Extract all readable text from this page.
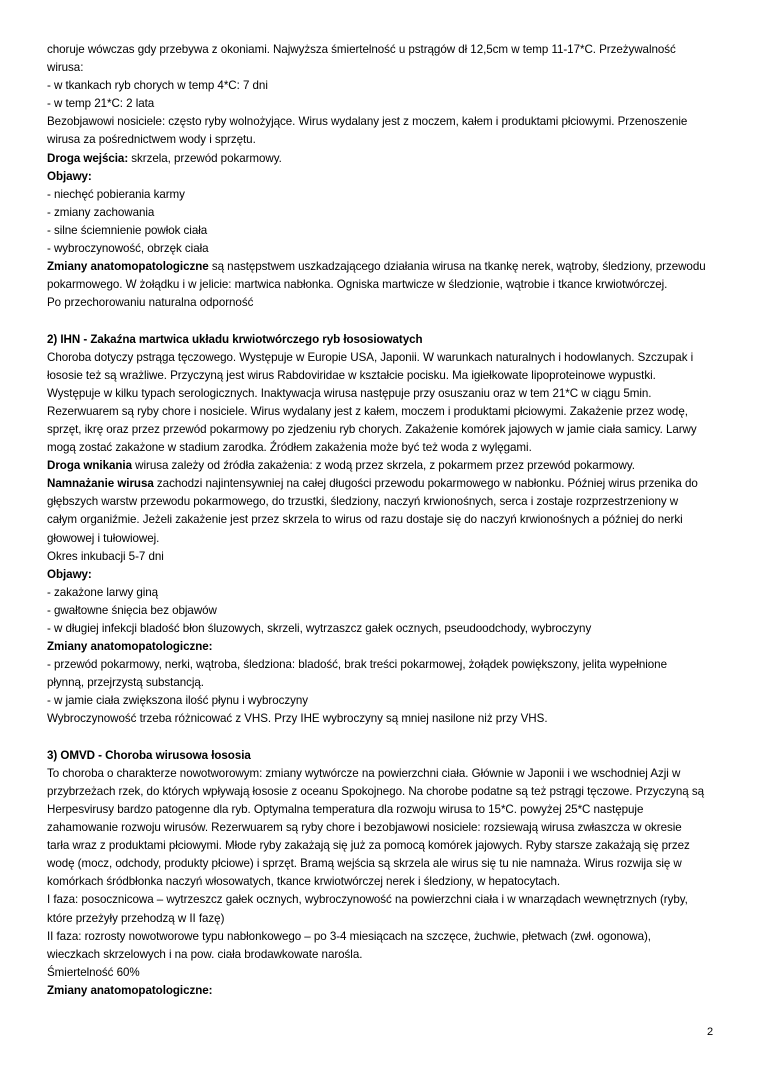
choruje wówczas gdy przebywa z okoniami. Najwyższa śmiertelność u pstrągów dł 12,5cm w temp 11-17*C. Przeżywalność
wirusa:
- w tkankach ryb chorych w temp 4*C: 7 dni
- w temp 21*C: 2 lata
Bezobjawowi nosiciele: często ryby wolnożyjące. Wirus wydalany jest z moczem, kałem i produktami płciowymi. Przenoszenie
wirusa za pośrednictwem wody i sprzętu.
Droga wejścia: skrzela, przewód pokarmowy.
Objawy:
- niechęć pobierania karmy
- zmiany zachowania
- silne ściemnienie powłok ciała
- wybroczynowość, obrzęk ciała
Zmiany anatomopatologiczne są następstwem uszkadzającego działania wirusa na tkankę nerek, wątroby, śledziony, przewodu
pokarmowego. W żołądku i w jelicie: martwica nabłonka. Ogniska martwicze w śledzionie, wątrobie i tkance krwiotwórczej.
Po przechorowaniu naturalna odporność
2) IHN - Zakaźna martwica układu krwiotwórczego ryb łososiowatych
Choroba dotyczy pstrąga tęczowego. Występuje w Europie USA, Japonii. W warunkach naturalnych i hodowlanych. Szczupak i
łososie też są wrażliwe. Przyczyną jest wirus Rabdoviridae w kształcie pocisku. Ma igiełkowate lipoproteinowe wypustki.
Występuje w kilku typach serologicznych. Inaktywacja wirusa następuje przy osuszaniu oraz w tem 21*C w ciągu 5min.
Rezerwuarem są ryby chore i nosiciele. Wirus wydalany jest z kałem, moczem i produktami płciowymi. Zakażenie przez wodę,
sprzęt, ikrę oraz przez przewód pokarmowy po zjedzeniu ryb chorych. Zakażenie komórek jajowych w jamie ciała samicy. Larwy
mogą zostać zakażone w stadium zarodka. Źródłem zakażenia może być też woda z wylęgami.
Droga wnikania wirusa zależy od źródła zakażenia: z wodą przez skrzela, z pokarmem przez przewód pokarmowy.
Namnażanie wirusa zachodzi najintensywniej na całej długości przewodu pokarmowego w nabłonku. Później wirus przenika do
głębszych warstw przewodu pokarmowego, do trzustki, śledziony, naczyń krwionośnych, serca i zostaje rozprzestrzeniony w
całym organiźmie. Jeżeli zakażenie jest przez skrzela to wirus od razu dostaje się do naczyń krwionośnych a później do nerki
głowowej i tułowiowej.
Okres inkubacji 5-7 dni
Objawy:
- zakażone larwy giną
- gwałtowne śnięcia bez objawów
- w długiej infekcji bladość błon śluzowych, skrzeli, wytrzaszcz gałek ocznych, pseudoodchody, wybroczyny
Zmiany anatomopatologiczne:
- przewód pokarmowy, nerki, wątroba, śledziona: bladość, brak treści pokarmowej, żołądek powiększony, jelita wypełnione
płynną, przejrzystą substancją.
- w jamie ciała zwiększona ilość płynu i wybroczyny
Wybroczynowość trzeba różnicować z VHS. Przy IHE wybroczyny są mniej nasilone niż przy VHS.
3) OMVD - Choroba wirusowa łososia
To choroba o charakterze nowotworowym: zmiany wytwórcze na powierzchni ciała. Głównie w Japonii i we wschodniej Azji w
przybrzeżach rzek, do których wpływają łososie z oceanu Spokojnego. Na chorobe podatne są też pstrągi tęczowe. Przyczyną są
Herpesvirusy bardzo patogenne dla ryb. Optymalna temperatura dla rozwoju wirusa to 15*C. powyżej 25*C następuje
zahamowanie rozwoju wirusów. Rezerwuarem są ryby chore i bezobjawowi nosiciele: rozsiewają wirusa zwłaszcza w okresie
tarła wraz z produktami płciowymi. Młode ryby zakażają się już za pomocą komórek jajowych. Ryby starsze zakażają się przez
wodę (mocz, odchody, produkty płciowe) i sprzęt. Bramą wejścia są skrzela ale wirus się tu nie namnaża. Wirus rozwija się w
komórkach śródbłonka naczyń włosowatych, tkance krwiotwórczej nerek i śledziony, w hepatocytach.
I faza: posocznicowa – wytrzeszcz gałek ocznych, wybroczynowość na powierzchni ciała i w wnarządach wewnętrznych (ryby,
które przeżyły przehodzą w II fazę)
II faza: rozrosty nowotworowe typu nabłonkowego – po 3-4 miesiącach na szczęce, żuchwie, płetwach (zwł. ogonowa),
wieczkach skrzelowych i na pow. ciała brodawkowate narośla.
Śmiertelność 60%
Zmiany anatomopatologiczne:
2
